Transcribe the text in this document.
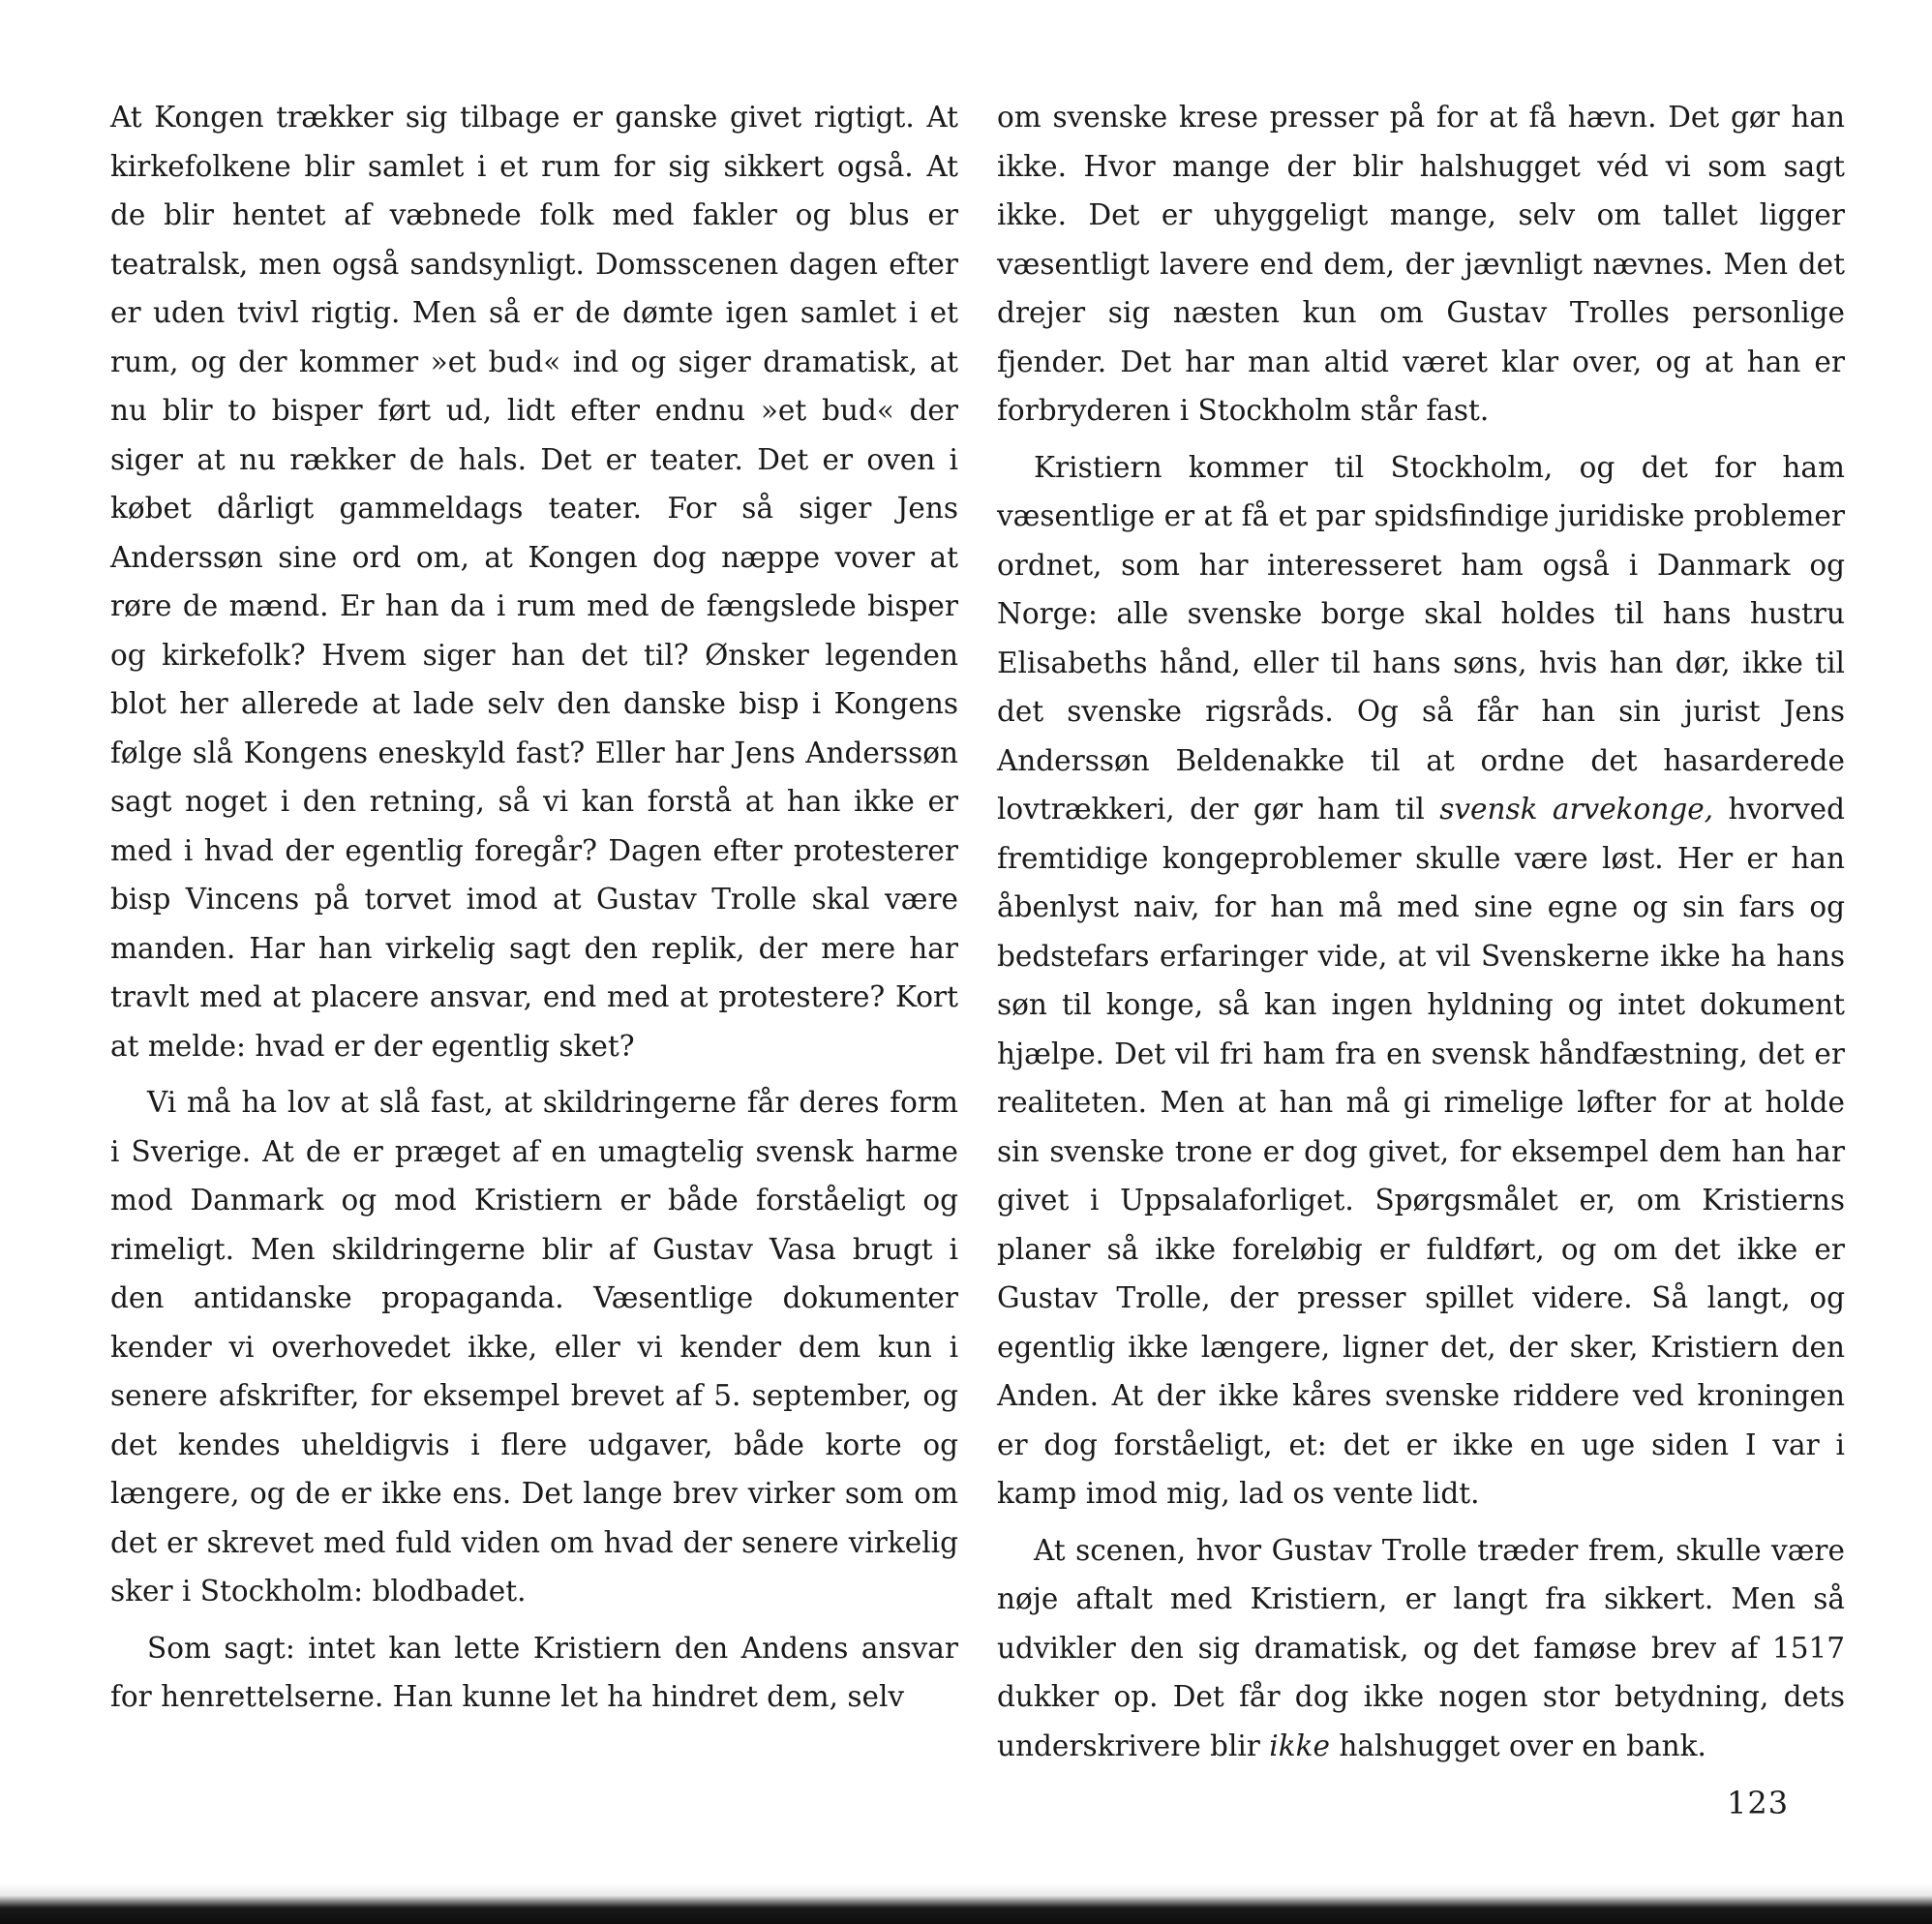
At Kongen trækker sig tilbage er ganske givet rigtigt. At kirkefolkene blir samlet i et rum for sig sikkert også. At de blir hentet af væbnede folk med fakler og blus er teatralsk, men også sandsynligt. Domsscenen dagen efter er uden tvivl rigtig. Men så er de dømte igen samlet i et rum, og der kommer »et bud« ind og siger dramatisk, at nu blir to bisper ført ud, lidt efter endnu »et bud« der siger at nu rækker de hals. Det er teater. Det er oven i købet dårligt gammeldags teater. For så siger Jens Anderssøn sine ord om, at Kongen dog næppe vover at røre de mænd. Er han da i rum med de fængslede bisper og kirkefolk? Hvem siger han det til? Ønsker legenden blot her allerede at lade selv den danske bisp i Kongens følge slå Kongens eneskyld fast? Eller har Jens Anderssøn sagt noget i den retning, så vi kan forstå at han ikke er med i hvad der egentlig foregår? Dagen efter protesterer bisp Vincens på torvet imod at Gustav Trolle skal være manden. Har han virkelig sagt den replik, der mere har travlt med at placere ansvar, end med at protestere? Kort at melde: hvad er der egentlig sket?

Vi må ha lov at slå fast, at skildringerne får deres form i Sverige. At de er præget af en umagtelig svensk harme mod Danmark og mod Kristiern er både forståeligt og rimeligt. Men skildringerne blir af Gustav Vasa brugt i den antidanske propaganda. Væsentlige dokumenter kender vi overhovedet ikke, eller vi kender dem kun i senere afskrifter, for eksempel brevet af 5. september, og det kendes uheldigvis i flere udgaver, både korte og længere, og de er ikke ens. Det lange brev virker som om det er skrevet med fuld viden om hvad der senere virkelig sker i Stockholm: blodbadet.

Som sagt: intet kan lette Kristiern den Andens ansvar for henrettelserne. Han kunne let ha hindret dem, selv

om svenske krese presser på for at få hævn. Det gør han ikke. Hvor mange der blir halshugget véd vi som sagt ikke. Det er uhyggeligt mange, selv om tallet ligger væsentligt lavere end dem, der jævnligt nævnes. Men det drejer sig næsten kun om Gustav Trolles personlige fjender. Det har man altid været klar over, og at han er forbryderen i Stockholm står fast.

Kristiern kommer til Stockholm, og det for ham væsentlige er at få et par spidsfindige juridiske problemer ordnet, som har interesseret ham også i Danmark og Norge: alle svenske borge skal holdes til hans hustru Elisabeths hånd, eller til hans søns, hvis han dør, ikke til det svenske rigsråds. Og så får han sin jurist Jens Anderssøn Beldenakke til at ordne det hasarderede lovtrækkeri, der gør ham til svensk arvekonge, hvorved fremtidige kongeproblemer skulle være løst. Her er han åbenlyst naiv, for han må med sine egne og sin fars og bedstefars erfaringer vide, at vil Svenskerne ikke ha hans søn til konge, så kan ingen hyldning og intet dokument hjælpe. Det vil fri ham fra en svensk håndfæstning, det er realiteten. Men at han må gi rimelige løfter for at holde sin svenske trone er dog givet, for eksempel dem han har givet i Uppsalaforliget. Spørgsmålet er, om Kristierns planer så ikke foreløbig er fuldført, og om det ikke er Gustav Trolle, der presser spillet videre. Så langt, og egentlig ikke længere, ligner det, der sker, Kristiern den Anden. At der ikke kåres svenske riddere ved kroningen er dog forståeligt, et: det er ikke en uge siden I var i kamp imod mig, lad os vente lidt.

At scenen, hvor Gustav Trolle træder frem, skulle være nøje aftalt med Kristiern, er langt fra sikkert. Men så udvikler den sig dramatisk, og det famøse brev af 1517 dukker op. Det får dog ikke nogen stor betydning, dets underskrivere blir ikke halshugget over en bank.

123
